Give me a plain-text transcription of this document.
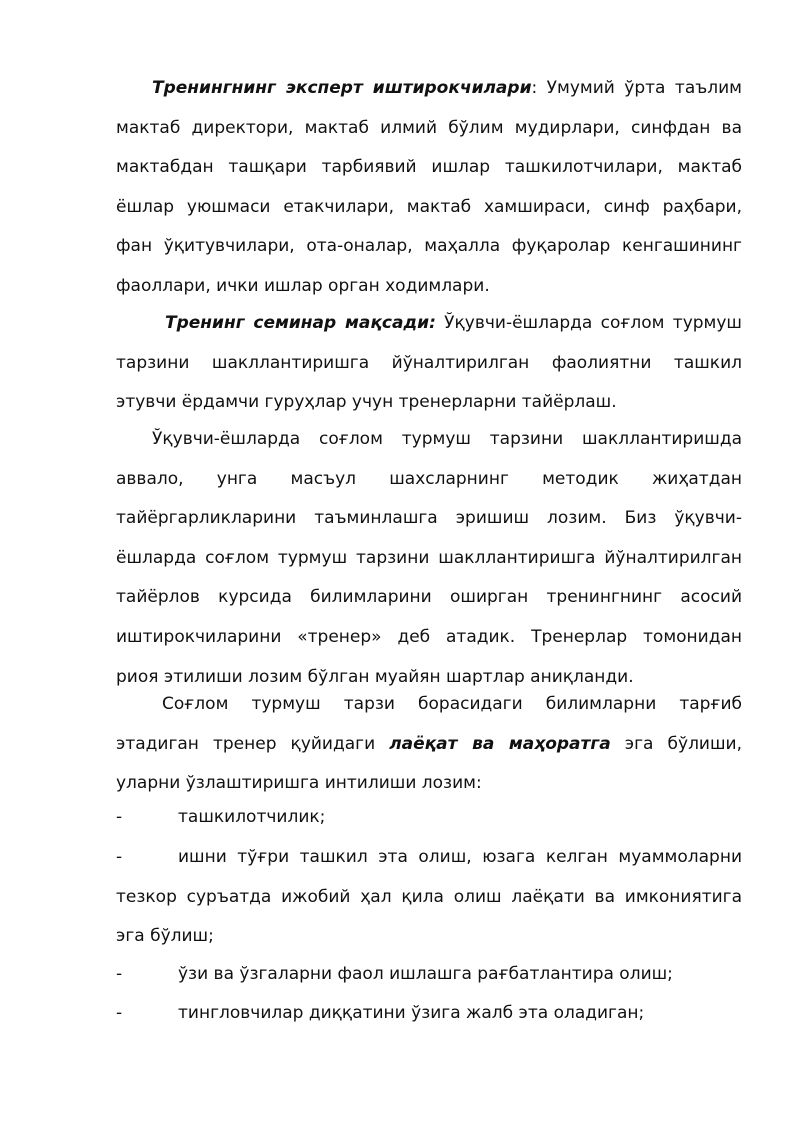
Тренингнинг эксперт иштирокчилари: Умумий ўрта таълим
мактаб директори, мактаб илмий бўлим мудирлари, синфдан ва
мактабдан ташқари тарбиявий ишлар ташкилотчилари, мактаб
ёшлар уюшмаси етакчилари, мактаб хамшираси, синф раҳбари,
фан ўқитувчилари, ота-оналар, маҳалла фуқаролар кенгашининг
фаоллари, ички ишлар орган ходимлари.
Тренинг семинар мақсади: Ўқувчи-ёшларда соғлом турмуш
тарзини шакллантиришга йўналтирилган фаолиятни ташкил
этувчи ёрдамчи гуруҳлар учун тренерларни тайёрлаш.
Ўқувчи-ёшларда соғлом турмуш тарзини шакллантиришда
аввало, унга масъул шахсларнинг методик жиҳатдан
тайёргарликларини таъминлашга эришиш лозим. Биз ўқувчи-
ёшларда соғлом турмуш тарзини шакллантиришга йўналтирилган
тайёрлов курсида билимларини оширган тренингнинг асосий
иштирокчиларини «тренер» деб атадик. Тренерлар томонидан
риоя этилиши лозим бўлган муайян шартлар аниқланди.
Соғлом турмуш тарзи борасидаги билимларни тарғиб
этадиган тренер қуйидаги лаёқат ва маҳоратга эга бўлиши,
уларни ўзлаштиришга интилиши лозим:
-	ташкилотчилик;
-	ишни тўғри ташкил эта олиш, юзага келган муаммоларни
тезкор суръатда ижобий ҳал қила олиш лаёқати ва имкониятига
эга бўлиш;
-	ўзи ва ўзгаларни фаол ишлашга рағбатлантира олиш;
-	тингловчилар диққатини ўзига жалб эта оладиган;
